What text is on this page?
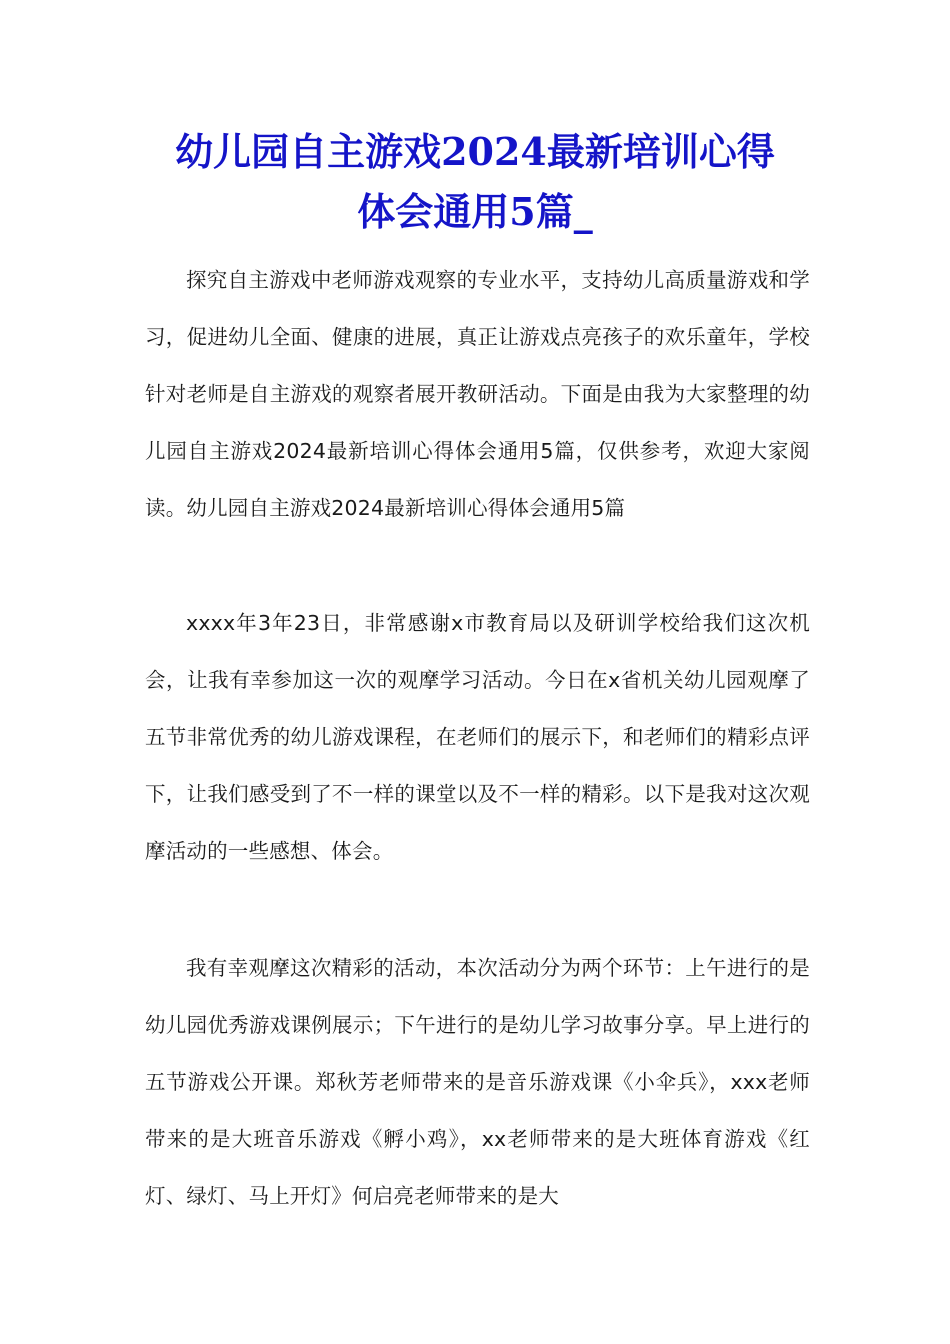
幼儿园自主游戏2024最新培训心得
体会通用5篇_

探究自主游戏中老师游戏观察的专业水平，支持幼儿高质量游戏和学习，促进幼儿全面、健康的进展，真正让游戏点亮孩子的欢乐童年，学校针对老师是自主游戏的观察者展开教研活动。下面是由我为大家整理的幼儿园自主游戏2024最新培训心得体会通用5篇，仅供参考，欢迎大家阅读。幼儿园自主游戏2024最新培训心得体会通用5篇

xxxx年3年23日，非常感谢x市教育局以及研训学校给我们这次机会，让我有幸参加这一次的观摩学习活动。今日在x省机关幼儿园观摩了五节非常优秀的幼儿游戏课程，在老师们的展示下，和老师们的精彩点评下，让我们感受到了不一样的课堂以及不一样的精彩。以下是我对这次观摩活动的一些感想、体会。

我有幸观摩这次精彩的活动，本次活动分为两个环节：上午进行的是幼儿园优秀游戏课例展示；下午进行的是幼儿学习故事分享。早上进行的五节游戏公开课。郑秋芳老师带来的是音乐游戏课《小伞兵》，xxx老师带来的是大班音乐游戏《孵小鸡》，xx老师带来的是大班体育游戏《红灯、绿灯、马上开灯》何启亮老师带来的是大
